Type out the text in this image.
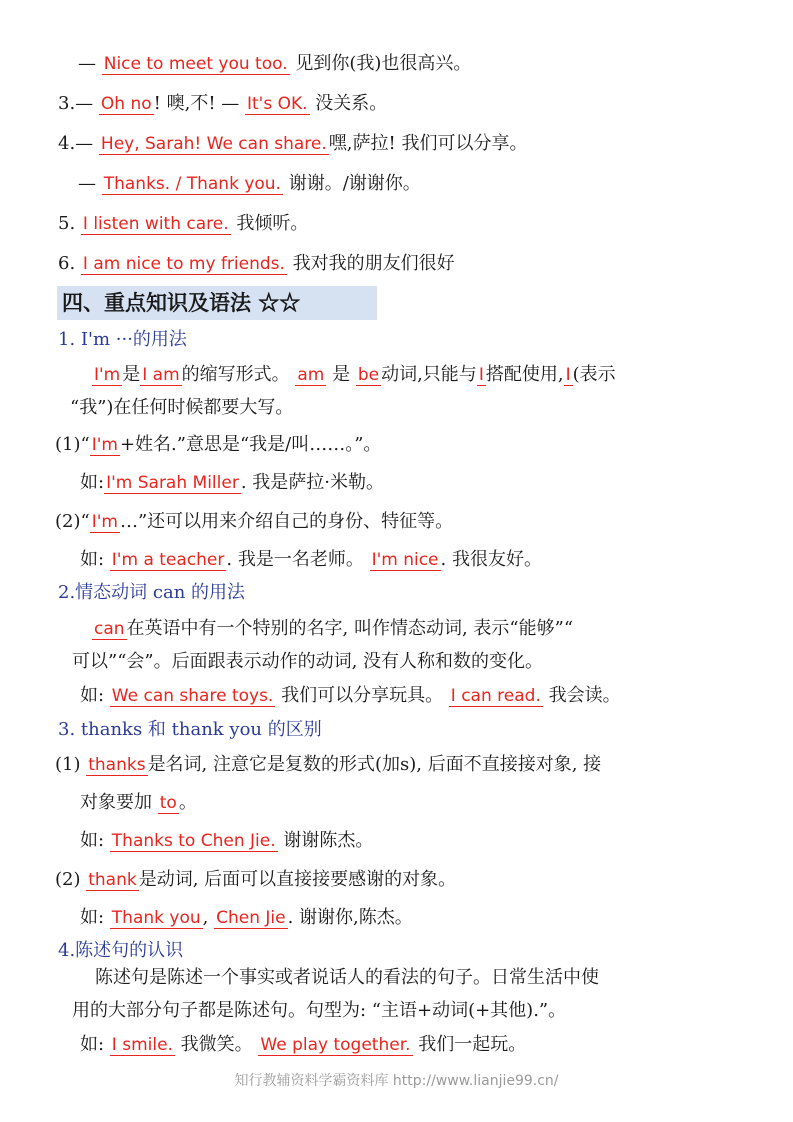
— Nice to meet you too. 见到你(我)也很高兴。
3.— Oh no ! 噢,不! — It's OK. 没关系。
4.— Hey, Sarah! We can share. 嘿,萨拉! 我们可以分享。
— Thanks. / Thank you. 谢谢。/谢谢你。
5. I listen with care. 我倾听。
6. I am nice to my friends. 我对我的朋友们很好
四、重点知识及语法 ☆☆
1. I'm ···的用法
I'm 是 I am 的缩写形式。 am 是 be 动词,只能与 I 搭配使用, I (表示
“我”)在任何时候都要大写。
(1)“ I'm +姓名.”意思是“我是/叫……。”。
如: I'm Sarah Miller . 我是萨拉·米勒。
(2)“ I'm …”还可以用来介绍自己的身份、特征等。
如: I'm a teacher . 我是一名老师。 I'm nice . 我很友好。
2.情态动词 can 的用法
can 在英语中有一个特别的名字, 叫作情态动词, 表示“能够”“
可以”“会”。后面跟表示动作的动词, 没有人称和数的变化。
如: We can share toys. 我们可以分享玩具。 I can read. 我会读。
3. thanks 和 thank you 的区别
(1) thanks 是名词, 注意它是复数的形式(加s), 后面不直接接对象, 接
对象要加 to 。
如: Thanks to Chen Jie. 谢谢陈杰。
(2) thank 是动词, 后面可以直接接要感谢的对象。
如: Thank you , Chen Jie . 谢谢你,陈杰。
4.陈述句的认识
陈述句是陈述一个事实或者说话人的看法的句子。日常生活中使
用的大部分句子都是陈述句。句型为: “主语+动词(+其他).”。
如: I smile. 我微笑。 We play together. 我们一起玩。
知行教辅资料学霸资料库 http://www.lianjie99.cn/
